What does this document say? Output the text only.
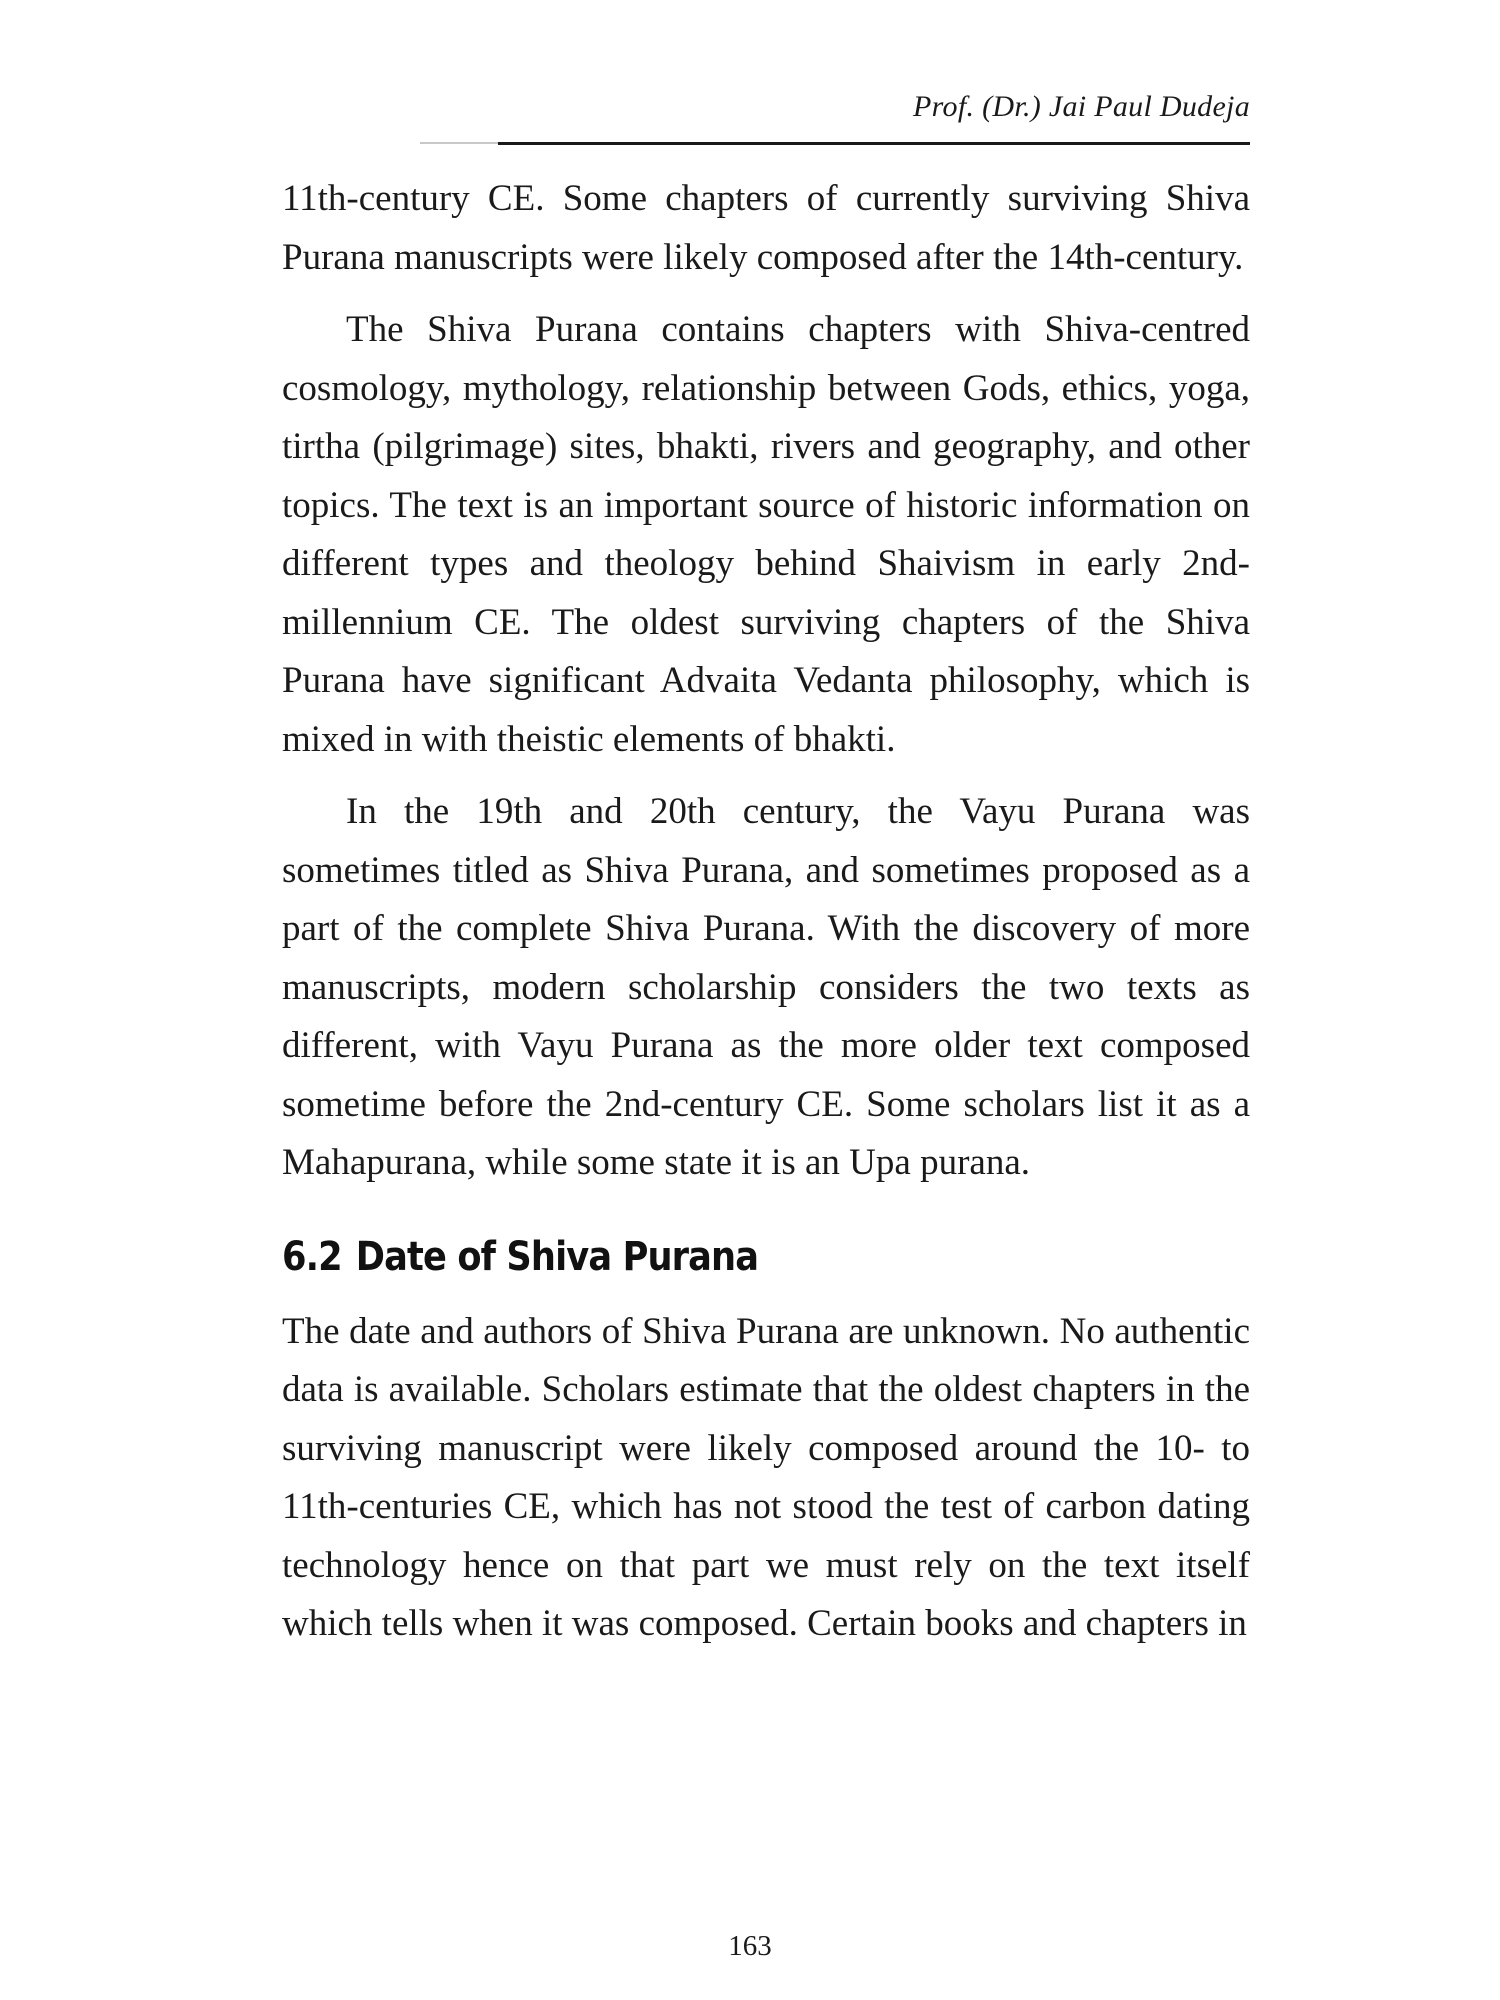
Prof. (Dr.) Jai Paul Dudeja

11th-century CE. Some chapters of currently surviving Shiva Purana manuscripts were likely composed after the 14th-century.

The Shiva Purana contains chapters with Shiva-centred cosmology, mythology, relationship between Gods, ethics, yoga, tirtha (pilgrimage) sites, bhakti, rivers and geography, and other topics. The text is an important source of historic information on different types and theology behind Shaivism in early 2nd-millennium CE. The oldest surviving chapters of the Shiva Purana have significant Advaita Vedanta philosophy, which is mixed in with theistic elements of bhakti.

In the 19th and 20th century, the Vayu Purana was sometimes titled as Shiva Purana, and sometimes proposed as a part of the complete Shiva Purana. With the discovery of more manuscripts, modern scholarship considers the two texts as different, with Vayu Purana as the more older text composed sometime before the 2nd-century CE. Some scholars list it as a Mahapurana, while some state it is an Upa purana.

6.2 Date of Shiva Purana

The date and authors of Shiva Purana are unknown. No authentic data is available. Scholars estimate that the oldest chapters in the surviving manuscript were likely composed around the 10- to 11th-centuries CE, which has not stood the test of carbon dating technology hence on that part we must rely on the text itself which tells when it was composed. Certain books and chapters in

163
